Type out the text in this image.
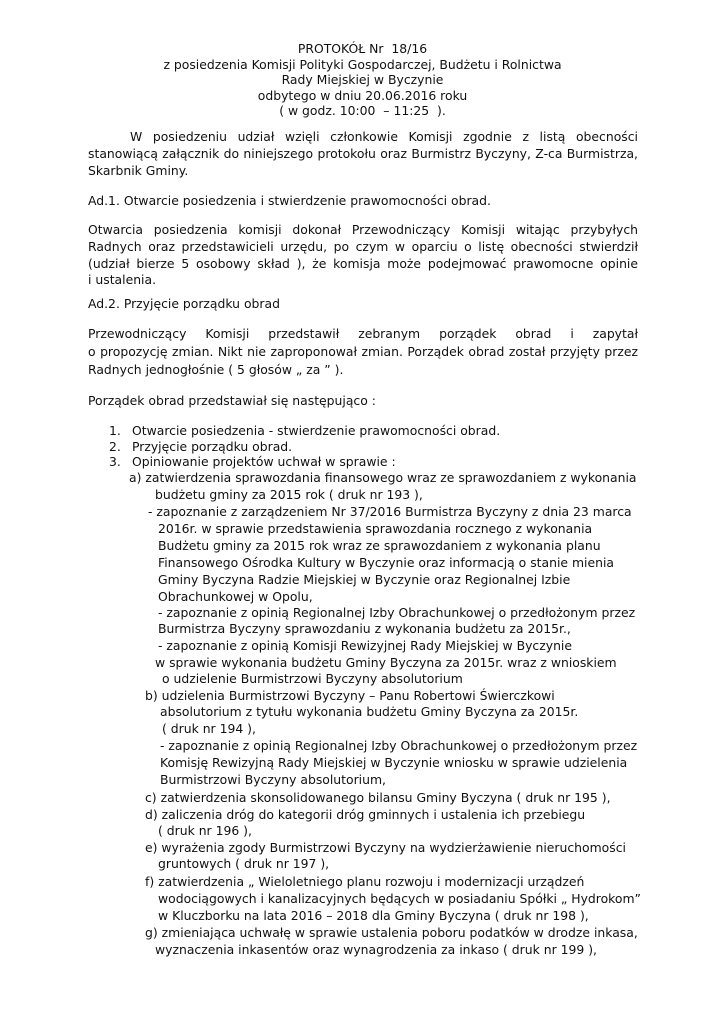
PROTOKÓŁ Nr  18/16
z posiedzenia Komisji Polityki Gospodarczej, Budżetu i Rolnictwa
Rady Miejskiej w Byczynie
odbytego w dniu 20.06.2016 roku
( w godz. 10:00  – 11:25  ).
W posiedzeniu udział wzięli członkowie Komisji zgodnie z listą obecności
stanowiącą załącznik do niniejszego protokołu oraz Burmistrz Byczyny, Z-ca Burmistrza,
Skarbnik Gminy.
Ad.1. Otwarcie posiedzenia i stwierdzenie prawomocności obrad.
Otwarcia posiedzenia komisji dokonał Przewodniczący Komisji witając przybyłych
Radnych oraz przedstawicieli urzędu, po czym w oparciu o listę obecności stwierdził
(udział bierze 5 osobowy skład ), że komisja może podejmować prawomocne opinie
i ustalenia.
Ad.2. Przyjęcie porządku obrad
Przewodniczący Komisji przedstawił zebranym porządek obrad i zapytał
o propozycję zmian. Nikt nie zaproponował zmian. Porządek obrad został przyjęty przez
Radnych jednogłośnie ( 5 głosów „ za ” ).
Porządek obrad przedstawiał się następująco :
1. Otwarcie posiedzenia - stwierdzenie prawomocności obrad.
2. Przyjęcie porządku obrad.
3. Opiniowanie projektów uchwał w sprawie :
a) zatwierdzenia sprawozdania finansowego wraz ze sprawozdaniem z wykonania
budżetu gminy za 2015 rok ( druk nr 193 ),
- zapoznanie z zarządzeniem Nr 37/2016 Burmistrza Byczyny z dnia 23 marca
2016r. w sprawie przedstawienia sprawozdania rocznego z wykonania
Budżetu gminy za 2015 rok wraz ze sprawozdaniem z wykonania planu
Finansowego Ośrodka Kultury w Byczynie oraz informacją o stanie mienia
Gminy Byczyna Radzie Miejskiej w Byczynie oraz Regionalnej Izbie
Obrachunkowej w Opolu,
- zapoznanie z opinią Regionalnej Izby Obrachunkowej o przedłożonym przez
Burmistrza Byczyny sprawozdaniu z wykonania budżetu za 2015r.,
- zapoznanie z opinią Komisji Rewizyjnej Rady Miejskiej w Byczynie
w sprawie wykonania budżetu Gminy Byczyna za 2015r. wraz z wnioskiem
o udzielenie Burmistrzowi Byczyny absolutorium
b) udzielenia Burmistrzowi Byczyny – Panu Robertowi Świerczkowi
absolutorium z tytułu wykonania budżetu Gminy Byczyna za 2015r.
( druk nr 194 ),
- zapoznanie z opinią Regionalnej Izby Obrachunkowej o przedłożonym przez
Komisję Rewizyjną Rady Miejskiej w Byczynie wniosku w sprawie udzielenia
Burmistrzowi Byczyny absolutorium,
c) zatwierdzenia skonsolidowanego bilansu Gminy Byczyna ( druk nr 195 ),
d) zaliczenia dróg do kategorii dróg gminnych i ustalenia ich przebiegu
( druk nr 196 ),
e) wyrażenia zgody Burmistrzowi Byczyny na wydzierżawienie nieruchomości
gruntowych ( druk nr 197 ),
f) zatwierdzenia „ Wieloletniego planu rozwoju i modernizacji urządzeń
wodociągowych i kanalizacyjnych będących w posiadaniu Spółki „ Hydrokom”
w Kluczborku na lata 2016 – 2018 dla Gminy Byczyna ( druk nr 198 ),
g) zmieniająca uchwałę w sprawie ustalenia poboru podatków w drodze inkasa,
wyznaczenia inkasentów oraz wynagrodzenia za inkaso ( druk nr 199 ),
